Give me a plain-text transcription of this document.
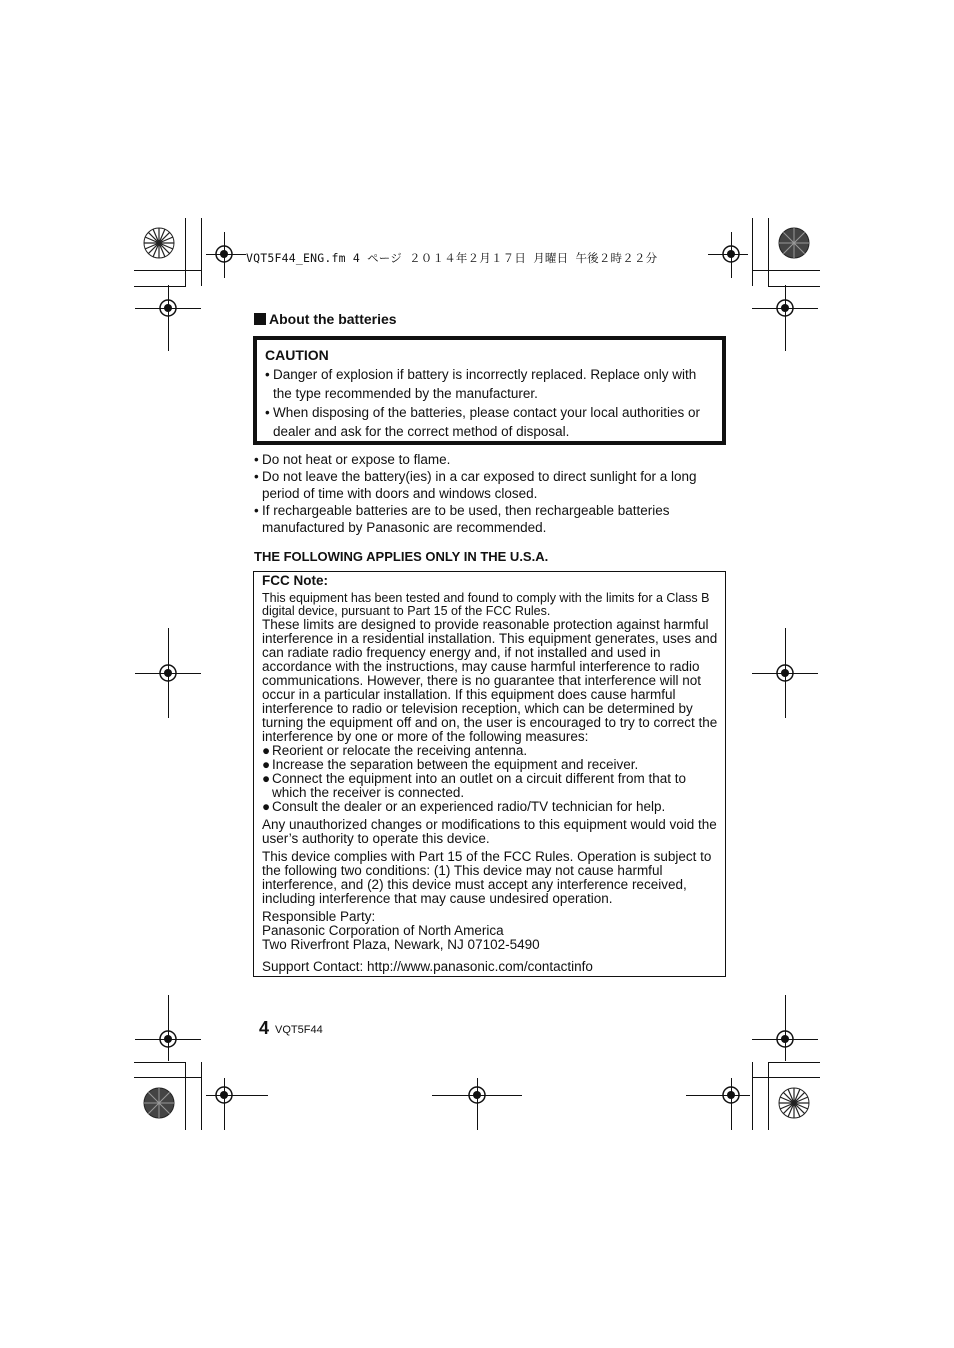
VQT5F44_ENG.fm 4 ページ ２０１４年２月１７日 月曜日 午後２時２２分
About the batteries
CAUTION
• Danger of explosion if battery is incorrectly replaced. Replace only with the type recommended by the manufacturer.
• When disposing of the batteries, please contact your local authorities or dealer and ask for the correct method of disposal.
• Do not heat or expose to flame.
• Do not leave the battery(ies) in a car exposed to direct sunlight for a long period of time with doors and windows closed.
• If rechargeable batteries are to be used, then rechargeable batteries manufactured by Panasonic are recommended.
THE FOLLOWING APPLIES ONLY IN THE U.S.A.
FCC Note:

This equipment has been tested and found to comply with the limits for a Class B digital device, pursuant to Part 15 of the FCC Rules.

These limits are designed to provide reasonable protection against harmful interference in a residential installation. This equipment generates, uses and can radiate radio frequency energy and, if not installed and used in accordance with the instructions, may cause harmful interference to radio communications. However, there is no guarantee that interference will not occur in a particular installation. If this equipment does cause harmful interference to radio or television reception, which can be determined by turning the equipment off and on, the user is encouraged to try to correct the interference by one or more of the following measures:

● Reorient or relocate the receiving antenna.
● Increase the separation between the equipment and receiver.
● Connect the equipment into an outlet on a circuit different from that to which the receiver is connected.
● Consult the dealer or an experienced radio/TV technician for help.

Any unauthorized changes or modifications to this equipment would void the user’s authority to operate this device.

This device complies with Part 15 of the FCC Rules. Operation is subject to the following two conditions: (1) This device may not cause harmful interference, and (2) this device must accept any interference received, including interference that may cause undesired operation.

Responsible Party:
Panasonic Corporation of North America
Two Riverfront Plaza, Newark, NJ 07102-5490
Support Contact: http://www.panasonic.com/contactinfo
4 VQT5F44
